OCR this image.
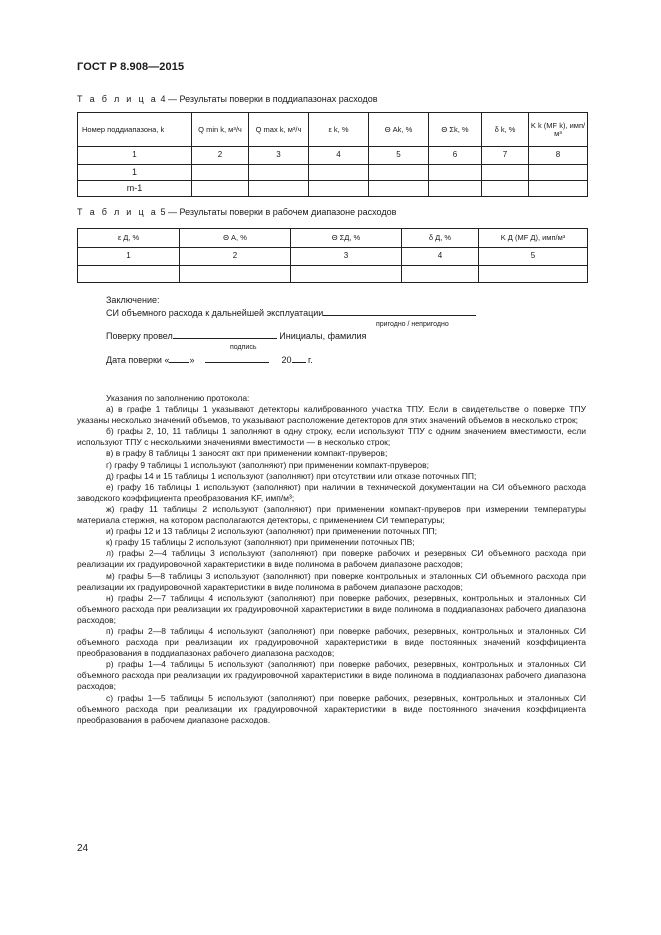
ГОСТ Р 8.908—2015
Т а б л и ц а 4 — Результаты поверки в поддиапазонах расходов
Номер поддиапазона, k	Q min k, м³/ч	Q max k, м³/ч	ε k, %	Θ Ak, %	Θ Σk, %	δ k, %	K k (MF k), имп/м³
1	2	3	4	5	6	7	8
1							
m-1							
Т а б л и ц а 5 — Результаты поверки в рабочем диапазоне расходов
ε Д, %	Θ A, %	Θ ΣД, %	δ Д, %	K Д (MF Д), имп/м³
1	2	3	4	5

Заключение:
СИ объемного расхода к дальнейшей эксплуатации
пригодно / непригодно
Поверку провел	Инициалы, фамилия
подпись
Дата поверки « »	20 г.

Указания по заполнению протокола:

а) в графе 1 таблицы 1 указывают детекторы калиброванного участка ТПУ. Если в свидетельстве о поверке ТПУ указаны несколько значений объемов, то указывают расположение детекторов для этих значений объемов в несколько строк;

б) графы 2, 10, 11 таблицы 1 заполняют в одну строку, если используют ТПУ с одним значением вместимости, если используют ТПУ с несколькими значениями вместимости — в несколько строк;

в) в графу 8 таблицы 1 заносят αкт при применении компакт-пруверов;

г) графу 9 таблицы 1 используют (заполняют) при применении компакт-пруверов;

д) графы 14 и 15 таблицы 1 используют (заполняют) при отсутствии или отказе поточных ПП;

е) графу 16 таблицы 1 используют (заполняют) при наличии в технической документации на СИ объемного расхода заводского коэффициента преобразования KF, имп/м³;

ж) графу 11 таблицы 2 используют (заполняют) при применении компакт-пруверов при измерении температуры материала стержня, на котором располагаются детекторы, с применением СИ температуры;

и) графы 12 и 13 таблицы 2 используют (заполняют) при применении поточных ПП;

к) графу 15 таблицы 2 используют (заполняют) при применении поточных ПВ;

л) графы 2—4 таблицы 3 используют (заполняют) при поверке рабочих и резервных СИ объемного расхода при реализации их градуировочной характеристики в виде полинома в рабочем диапазоне расходов;

м) графы 5—8 таблицы 3 используют (заполняют) при поверке контрольных и эталонных СИ объемного расхода при реализации их градуировочной характеристики в виде полинома в рабочем диапазоне расходов;

н) графы 2—7 таблицы 4 используют (заполняют) при поверке рабочих, резервных, контрольных и эталонных СИ объемного расхода при реализации их градуировочной характеристики в виде полинома в поддиапазонах рабочего диапазона расходов;

п) графы 2—8 таблицы 4 используют (заполняют) при поверке рабочих, резервных, контрольных и эталонных СИ объемного расхода при реализации их градуировочной характеристики в виде постоянных значений коэффициента преобразования в поддиапазонах рабочего диапазона расходов;

р) графы 1—4 таблицы 5 используют (заполняют) при поверке рабочих, резервных, контрольных и эталонных СИ объемного расхода при реализации их градуировочной характеристики в виде полинома в поддиапазонах рабочего диапазона расходов;

с) графы 1—5 таблицы 5 используют (заполняют) при поверке рабочих, резервных, контрольных и эталонных СИ объемного расхода при реализации их градуировочной характеристики в виде постоянного значения коэффициента преобразования в рабочем диапазоне расходов.

24
